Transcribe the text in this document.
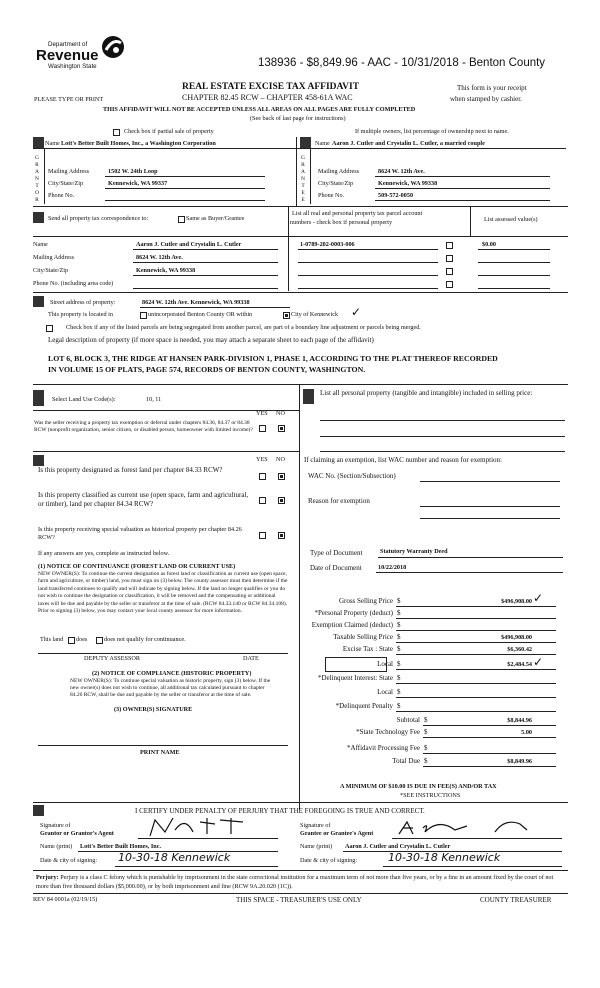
Department of
Revenue
Washington State	138936 - $8,849.96 - AAC - 10/31/2018 - Benton County
REAL ESTATE EXCISE TAX AFFIDAVIT
CHAPTER 82.45 RCW – CHAPTER 458-61A WAC
This form is your receipt
when stamped by cashier.
PLEASE TYPE OR PRINT
THIS AFFIDAVIT WILL NOT BE ACCEPTED UNLESS ALL AREAS ON ALL PAGES ARE FULLY COMPLETED
(See back of last page for instructions)
Check box if partial sale of property	If multiple owners, list percentage of ownership next to name.
Name Lott's Better Built Homes, Inc., a Washington Corporation
G
R
A
N
T
O
R
Mailing Address	1502 W. 24th Loop
City/State/Zip	Kennewick, WA 99337
Phone No.
Name Aaron J. Cutler and Crystalin L. Cutler, a married couple
G
R
A
N
T
E
E
Mailing Address	8624 W. 12th Ave.
City/State/Zip	Kennewick, WA 99338
Phone No.	509-572-0050
Send all property tax correspondence to:	Same as Buyer/Grantee
List all real and personal property tax parcel account
numbers - check box if personal property	List assessed value(s)
Name	Aaron J. Cutler and Crystalin L. Cutler
Mailing Address	8624 W. 12th Ave.
City/State/Zip	Kennewick, WA 99338
Phone No. (including area code)
1-0789-202-0003-006	$0.00
Street address of property:	8624 W. 12th Ave. Kennewick, WA 99338
This property is located in	unincorporated Benton County OR within	City of Kennewick ✓
Check box if any of the listed parcels are being segregated from another parcel, are part of a boundary line adjustment or parcels being merged.
Legal description of property (if more space is needed, you may attach a separate sheet to each page of the affidavit)
LOT 6, BLOCK 3, THE RIDGE AT HANSEN PARK-DIVISION 1, PHASE 1, ACCORDING TO THE PLAT THEREOF RECORDED
IN VOLUME 15 OF PLATS, PAGE 574, RECORDS OF BENTON COUNTY, WASHINGTON.
Select Land Use Code(s):	10, 11
YES NO
Was the seller receiving a property tax exemption or deferral under chapters 84.36, 84.37 or 84.38 RCW (nonprofit organization, senior citizen, or disabled person, homeowner with limited income)?
YES NO
Is this property designated as forest land per chapter 84.33 RCW?
Is this property classified as current use (open space, farm and agricultural, or timber), land per chapter 84.34 RCW?
Is this property receiving special valuation as historical property per chapter 84.26 RCW?
If any answers are yes, complete as instructed below.
(1) NOTICE OF CONTINUANCE (FOREST LAND OR CURRENT USE)
NEW OWNER(S): To continue the current designation as forest land or classification as current use (open space, farm and agriculture, or timber) land, you must sign on (3) below. The county assessor must then determine if the land transferred continues to qualify and will indicate by signing below. If the land no longer qualifies or you do not wish to continue the designation or classification, it will be removed and the compensating or additional taxes will be due and payable by the seller or transferor at the time of sale. (RCW 84.33.140 or RCW 84.34.108). Prior to signing (3) below, you may contact your local county assessor for more information.
This land does	does not qualify for continuance.
DEPUTY ASSESSOR	DATE
(2) NOTICE OF COMPLIANCE (HISTORIC PROPERTY)
NEW OWNER(S): To continue special valuation as historic property, sign (3) below. If the new owner(s) does not wish to continue, all additional tax calculated pursuant to chapter 84.26 RCW, shall be due and payable by the seller or transferor at the time of sale.
(3) OWNER(S) SIGNATURE
PRINT NAME
List all personal property (tangible and intangible) included in selling price:
If claiming an exemption, list WAC number and reason for exemption:
WAC No. (Section/Subsection)
Reason for exemption
Type of Document	Statutory Warranty Deed
Date of Document	10/22/2018
Gross Selling Price $	$496,908.00
*Personal Property (deduct) $
Exemption Claimed (deduct) $
Taxable Selling Price $	$496,908.00
Excise Tax : State $	$6,360.42
Local $	$2,484.54
*Delinquent Interest: State $
Local $
*Delinquent Penalty $
Subtotal $	$8,844.96
*State Technology Fee $	5.00
*Affidavit Processing Fee $
Total Due $	$8,849.96
✓
✓
A MINIMUM OF $10.00 IS DUE IN FEE(S) AND/OR TAX
*SEE INSTRUCTIONS
I CERTIFY UNDER PENALTY OF PERJURY THAT THE FOREGOING IS TRUE AND CORRECT.
Signature of
Grantor or Grantor's Agent
Name (print) Lott's Better Built Homes, Inc.
Date & city of signing: 10-30-18 Kennewick
Signature of
Grantee or Grantee's Agent
Name (print) Aaron J. Cutler and Crystalin L. Cutler
Date & city of signing:	10-30-18 Kennewick
Perjury: Perjury is a class C felony which is punishable by imprisonment in the state correctional institution for a maximum term of not more than five years, or by a fine in an amount fixed by the court of not more than five thousand dollars ($5,000.00), or by both imprisonment and fine (RCW 9A.20.020 (1C)).
REV 84 0001a (02/19/15)	THIS SPACE - TREASURER'S USE ONLY	COUNTY TREASURER
